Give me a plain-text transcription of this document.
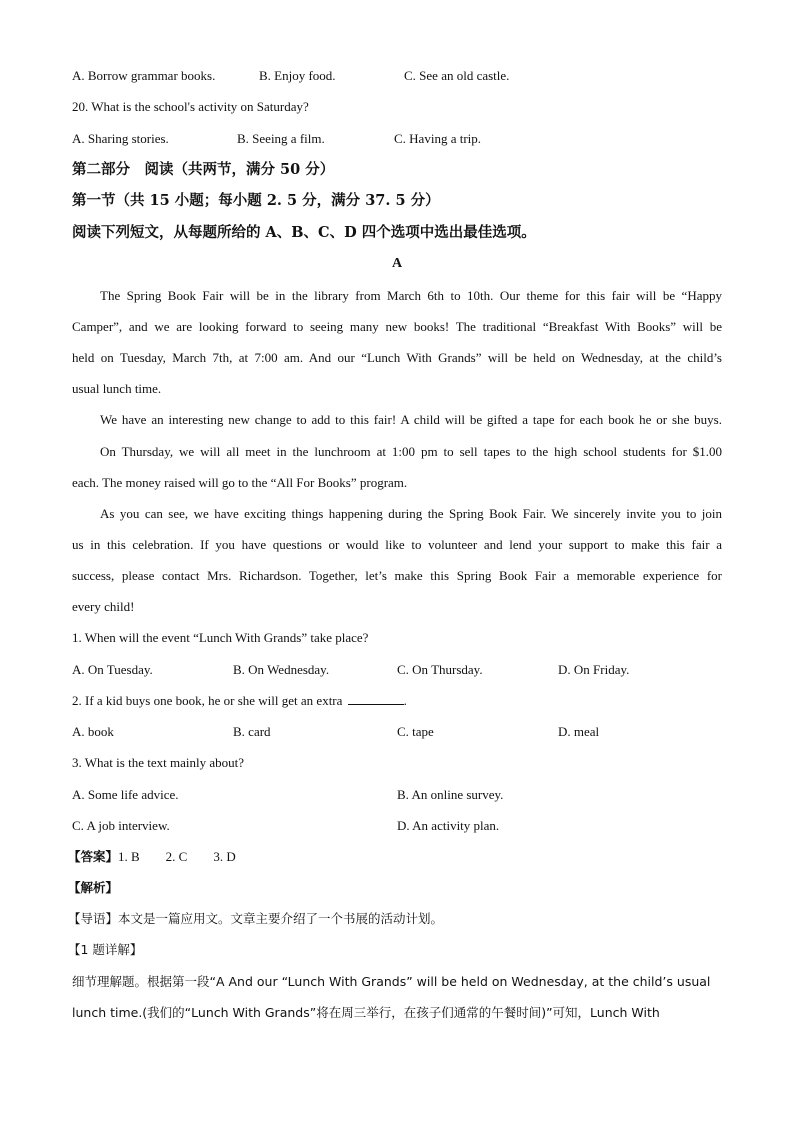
A. Borrow grammar books.	B. Enjoy food.	C. See an old castle.
20. What is the school's activity on Saturday?
A. Sharing stories.	B. Seeing a film.	C. Having a trip.
第二部分　阅读（共两节，满分 50 分）
第一节（共 15 小题；每小题 2. 5 分，满分 37. 5 分）
阅读下列短文，从每题所给的 A、B、C、D 四个选项中选出最佳选项。
A
The Spring Book Fair will be in the library from March 6th to 10th. Our theme for this fair will be “Happy
Camper”, and we are looking forward to seeing many new books! The traditional “Breakfast With Books” will be
held on Tuesday, March 7th, at 7:00 am. And our “Lunch With Grands” will be held on Wednesday, at the child’s
usual lunch time.
We have an interesting new change to add to this fair! A child will be gifted a tape for each book he or she buys.
On Thursday, we will all meet in the lunchroom at 1:00 pm to sell tapes to the high school students for $1.00
each. The money raised will go to the “All For Books” program.
As you can see, we have exciting things happening during the Spring Book Fair. We sincerely invite you to join
us in this celebration. If you have questions or would like to volunteer and lend your support to make this fair a
success, please contact Mrs. Richardson. Together, let’s make this Spring Book Fair a memorable experience for
every child!
1. When will the event “Lunch With Grands” take place?
A. On Tuesday.	B. On Wednesday.	C. On Thursday.	D. On Friday.
2. If a kid buys one book, he or she will get an extra	.
A. book	B. card	C. tape	D. meal
3. What is the text mainly about?
A. Some life advice.	B. An online survey.
C. A job interview.	D. An activity plan.
【答案】1. B　　2. C　　3. D
【解析】
【导语】本文是一篇应用文。文章主要介绍了一个书展的活动计划。
【1 题详解】
细节理解题。根据第一段“A And our “Lunch With Grands” will be held on Wednesday, at the child’s usual
lunch time.(我们的“Lunch With Grands”将在周三举行，在孩子们通常的午餐时间)”可知，Lunch With
